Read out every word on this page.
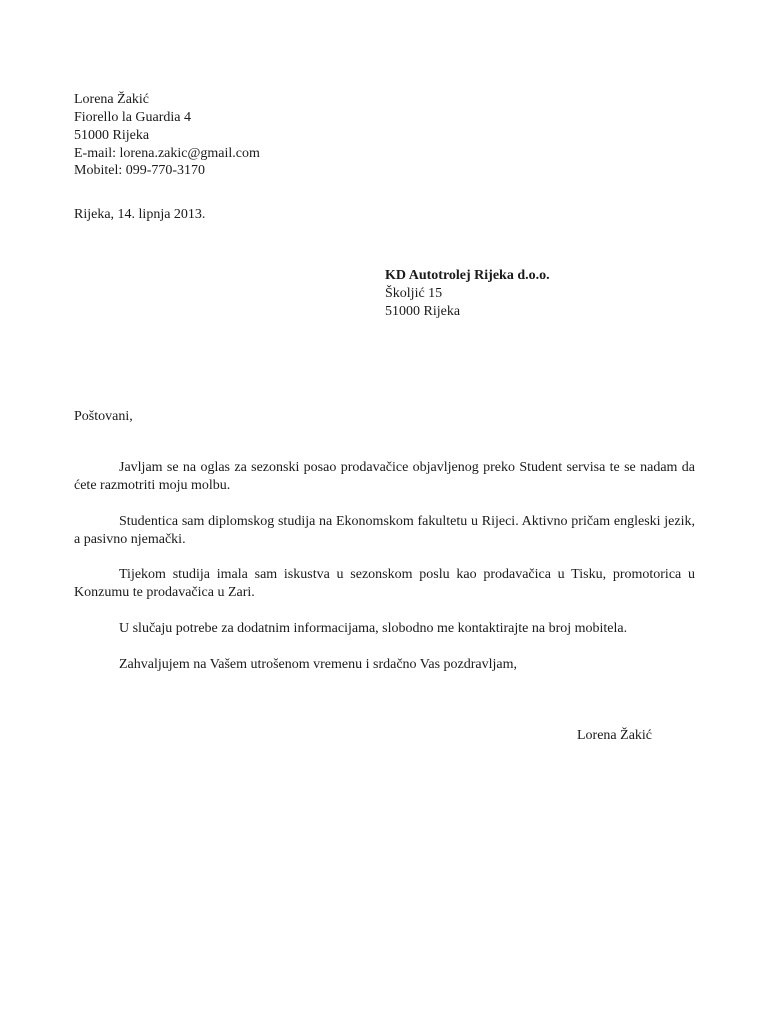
Lorena Žakić
Fiorello la Guardia 4
51000 Rijeka
E-mail: lorena.zakic@gmail.com
Mobitel: 099-770-3170
Rijeka, 14. lipnja 2013.
KD Autotrolej Rijeka d.o.o.
Školjić 15
51000 Rijeka
Poštovani,
Javljam se na oglas za sezonski posao prodavačice objavljenog preko Student servisa te se nadam da ćete razmotriti moju molbu.
Studentica sam diplomskog studija na Ekonomskom fakultetu u Rijeci. Aktivno pričam engleski jezik, a pasivno njemački.
Tijekom studija imala sam iskustva u sezonskom poslu kao prodavačica u Tisku, promotorica u Konzumu te prodavačica u Zari.
U slučaju potrebe za dodatnim informacijama, slobodno me kontaktirajte na broj mobitela.
Zahvaljujem na Vašem utrošenom vremenu i srdačno Vas pozdravljam,
Lorena Žakić
